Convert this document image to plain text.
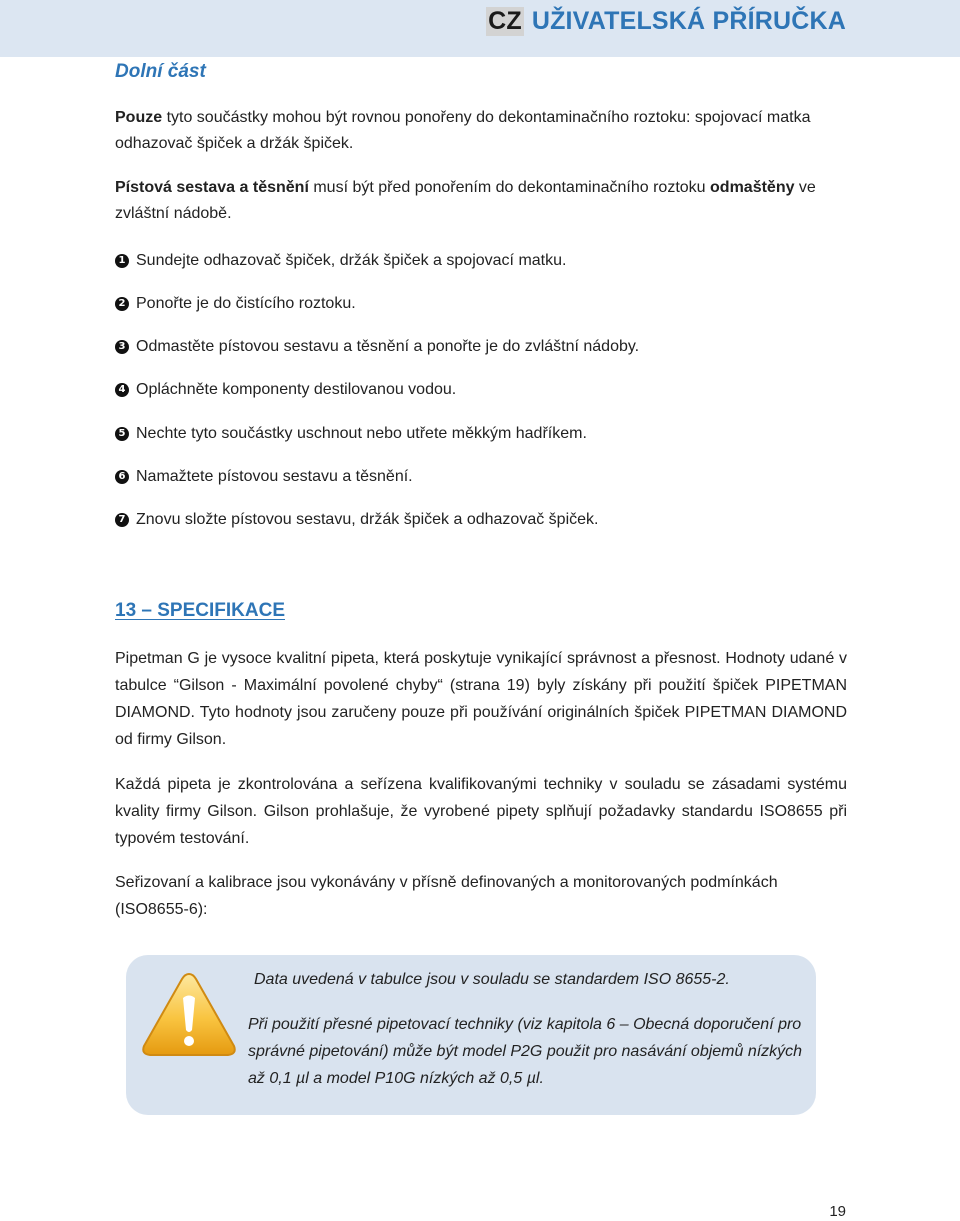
CZ UŽIVATELSKÁ PŘÍRUČKA
Dolní část
Pouze tyto součástky mohou být rovnou ponořeny do dekontaminačního roztoku: spojovací matka odhazovač špiček a držák špiček.
Pístová sestava a těsnění musí být před ponořením do dekontaminačního roztoku odmaštěny ve zvláštní nádobě.
1 Sundejte odhazovač špiček, držák špiček a spojovací matku.
2 Ponořte je do čistícího roztoku.
3 Odmastěte pístovou sestavu a těsnění a ponořte je do zvláštní nádoby.
4 Opláchněte komponenty destilovanou vodou.
5 Nechte tyto součástky uschnout nebo utřete měkkým hadříkem.
6 Namažtete pístovou sestavu a těsnění.
7 Znovu složte pístovou sestavu, držák špiček a odhazovač špiček.
13 – SPECIFIKACE
Pipetman G je vysoce kvalitní pipeta, která poskytuje vynikající správnost a přesnost. Hodnoty udané v tabulce “Gilson - Maximální povolené chyby“ (strana 19) byly získány při použití špiček PIPETMAN DIAMOND. Tyto hodnoty jsou zaručeny pouze při používání originálních špiček PIPETMAN DIAMOND od firmy Gilson.
Každá pipeta je zkontrolována a seřízena kvalifikovanými techniky v souladu se zásadami systému kvality firmy Gilson. Gilson prohlašuje, že vyrobené pipety splňují požadavky standardu ISO8655 při typovém testování.
Seřizovaní a kalibrace jsou vykonávány v přísně definovaných a monitorovaných podmínkách (ISO8655-6):
Data uvedená v tabulce jsou v souladu se standardem ISO 8655-2.
Při použití přesné pipetovací techniky (viz kapitola 6 – Obecná doporučení pro správné pipetování) může být model P2G použit pro nasávání objemů nízkých až 0,1 µl a model P10G nízkých až 0,5 µl.
19
